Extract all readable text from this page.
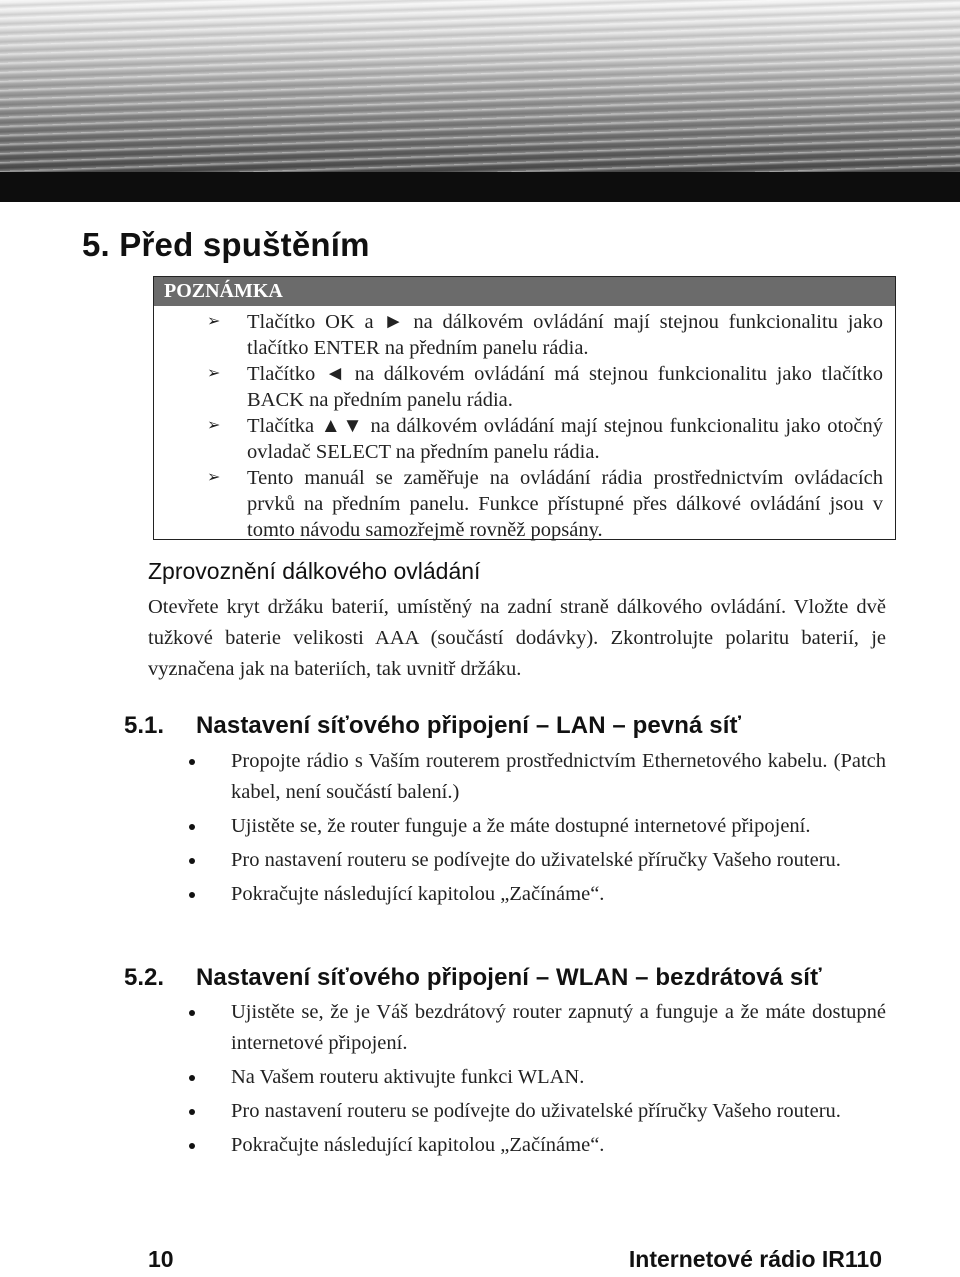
5. Před spuštěním
POZNÁMKA
➢ Tlačítko OK a ► na dálkovém ovládání mají stejnou funkcionalitu jako tlačítko ENTER na předním panelu rádia.
➢ Tlačítko ◄ na dálkovém ovládání má stejnou funkcionalitu jako tlačítko BACK na předním panelu rádia.
➢ Tlačítka ▲▼ na dálkovém ovládání mají stejnou funkcionalitu jako otočný ovladač SELECT na předním panelu rádia.
➢ Tento manuál se zaměřuje na ovládání rádia prostřednictvím ovládacích prvků na předním panelu. Funkce přístupné přes dálkové ovládání jsou v tomto návodu samozřejmě rovněž popsány.
Zprovoznění dálkového ovládání

Otevřete kryt držáku baterií, umístěný na zadní straně dálkového ovládání. Vložte dvě tužkové baterie velikosti AAA (součástí dodávky). Zkontrolujte polaritu baterií, je vyznačena jak na bateriích, tak uvnitř držáku.

5.1. Nastavení síťového připojení – LAN – pevná síť
Propojte rádio s Vaším routerem prostřednictvím Ethernetového kabelu. (Patch kabel, není součástí balení.)
Ujistěte se, že router funguje a že máte dostupné internetové připojení.
Pro nastavení routeru se podívejte do uživatelské příručky Vašeho routeru.
Pokračujte následující kapitolou „Začínáme“.
5.2. Nastavení síťového připojení – WLAN – bezdrátová síť
Ujistěte se, že je Váš bezdrátový router zapnutý a funguje a že máte dostupné internetové připojení.
Na Vašem routeru aktivujte funkci WLAN.
Pro nastavení routeru se podívejte do uživatelské příručky Vašeho routeru.
Pokračujte následující kapitolou „Začínáme“.
10	Internetové rádio IR110
